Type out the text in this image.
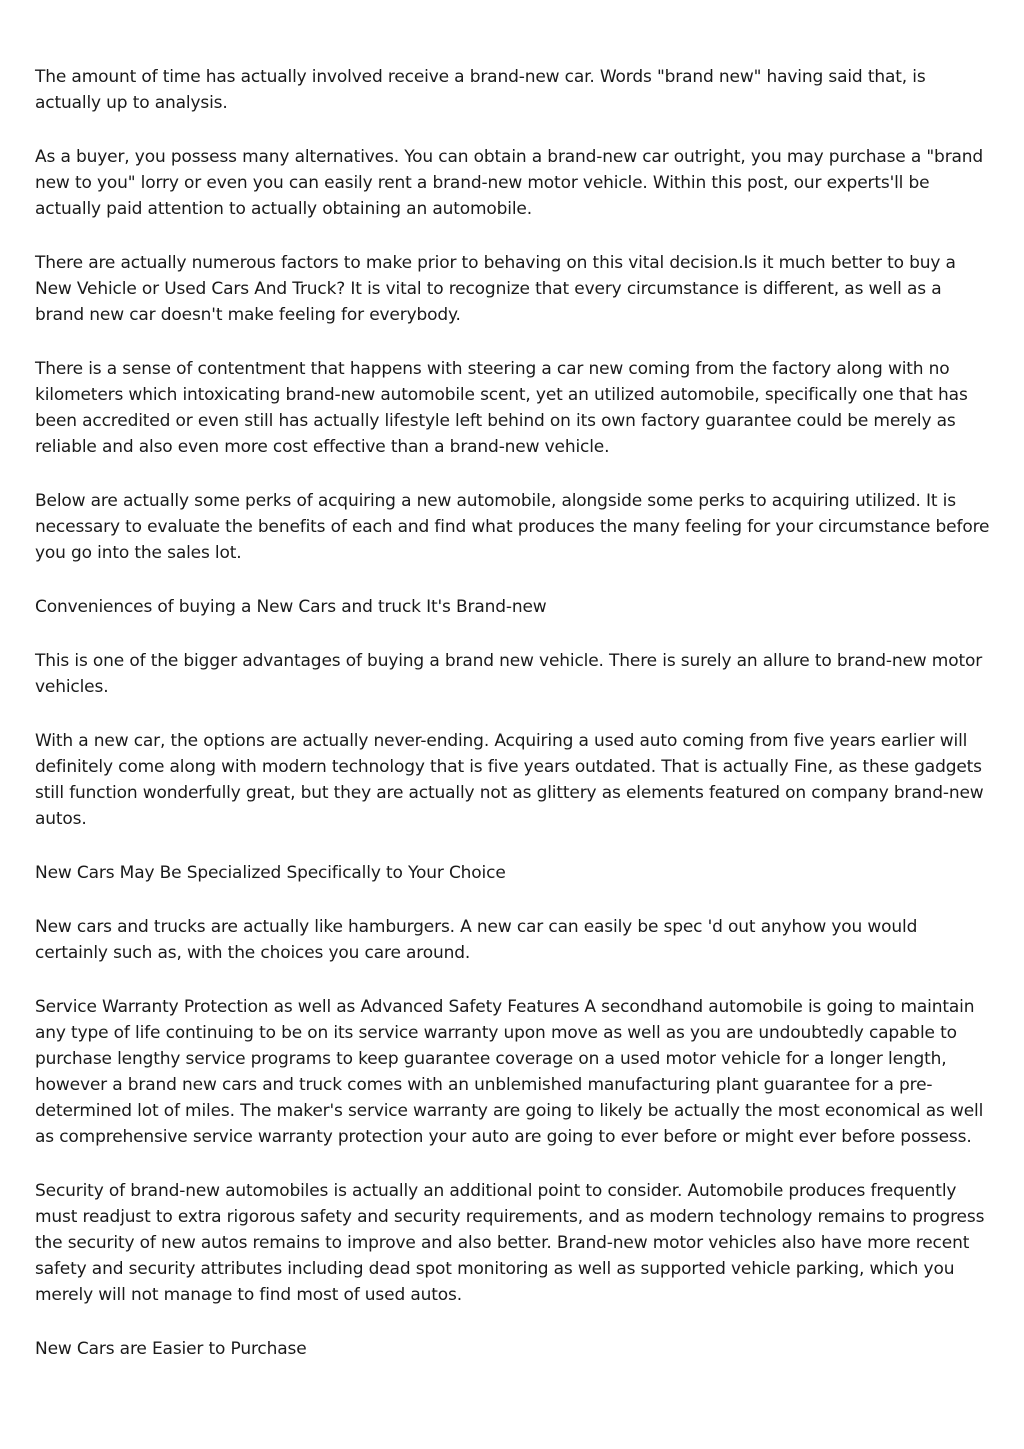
The amount of time has actually involved receive a brand-new car. Words "brand new" having said that, is actually up to analysis.

As a buyer, you possess many alternatives. You can obtain a brand-new car outright, you may purchase a "brand new to you" lorry or even you can easily rent a brand-new motor vehicle. Within this post, our experts'll be actually paid attention to actually obtaining an automobile.

There are actually numerous factors to make prior to behaving on this vital decision.Is it much better to buy a New Vehicle or Used Cars And Truck? It is vital to recognize that every circumstance is different, as well as a brand new car doesn't make feeling for everybody.

There is a sense of contentment that happens with steering a car new coming from the factory along with no kilometers which intoxicating brand-new automobile scent, yet an utilized automobile, specifically one that has been accredited or even still has actually lifestyle left behind on its own factory guarantee could be merely as reliable and also even more cost effective than a brand-new vehicle.

Below are actually some perks of acquiring a new automobile, alongside some perks to acquiring utilized. It is necessary to evaluate the benefits of each and find what produces the many feeling for your circumstance before you go into the sales lot.

Conveniences of buying a New Cars and truck It's Brand-new

This is one of the bigger advantages of buying a brand new vehicle. There is surely an allure to brand-new motor vehicles.

With a new car, the options are actually never-ending. Acquiring a used auto coming from five years earlier will definitely come along with modern technology that is five years outdated. That is actually Fine, as these gadgets still function wonderfully great, but they are actually not as glittery as elements featured on company brand-new autos.

New Cars May Be Specialized Specifically to Your Choice

New cars and trucks are actually like hamburgers. A new car can easily be spec 'd out anyhow you would certainly such as, with the choices you care around.

Service Warranty Protection as well as Advanced Safety Features A secondhand automobile is going to maintain any type of life continuing to be on its service warranty upon move as well as you are undoubtedly capable to purchase lengthy service programs to keep guarantee coverage on a used motor vehicle for a longer length, however a brand new cars and truck comes with an unblemished manufacturing plant guarantee for a pre-determined lot of miles. The maker's service warranty are going to likely be actually the most economical as well as comprehensive service warranty protection your auto are going to ever before or might ever before possess.

Security of brand-new automobiles is actually an additional point to consider. Automobile produces frequently must readjust to extra rigorous safety and security requirements, and as modern technology remains to progress the security of new autos remains to improve and also better. Brand-new motor vehicles also have more recent safety and security attributes including dead spot monitoring as well as supported vehicle parking, which you merely will not manage to find most of used autos.

New Cars are Easier to Purchase
